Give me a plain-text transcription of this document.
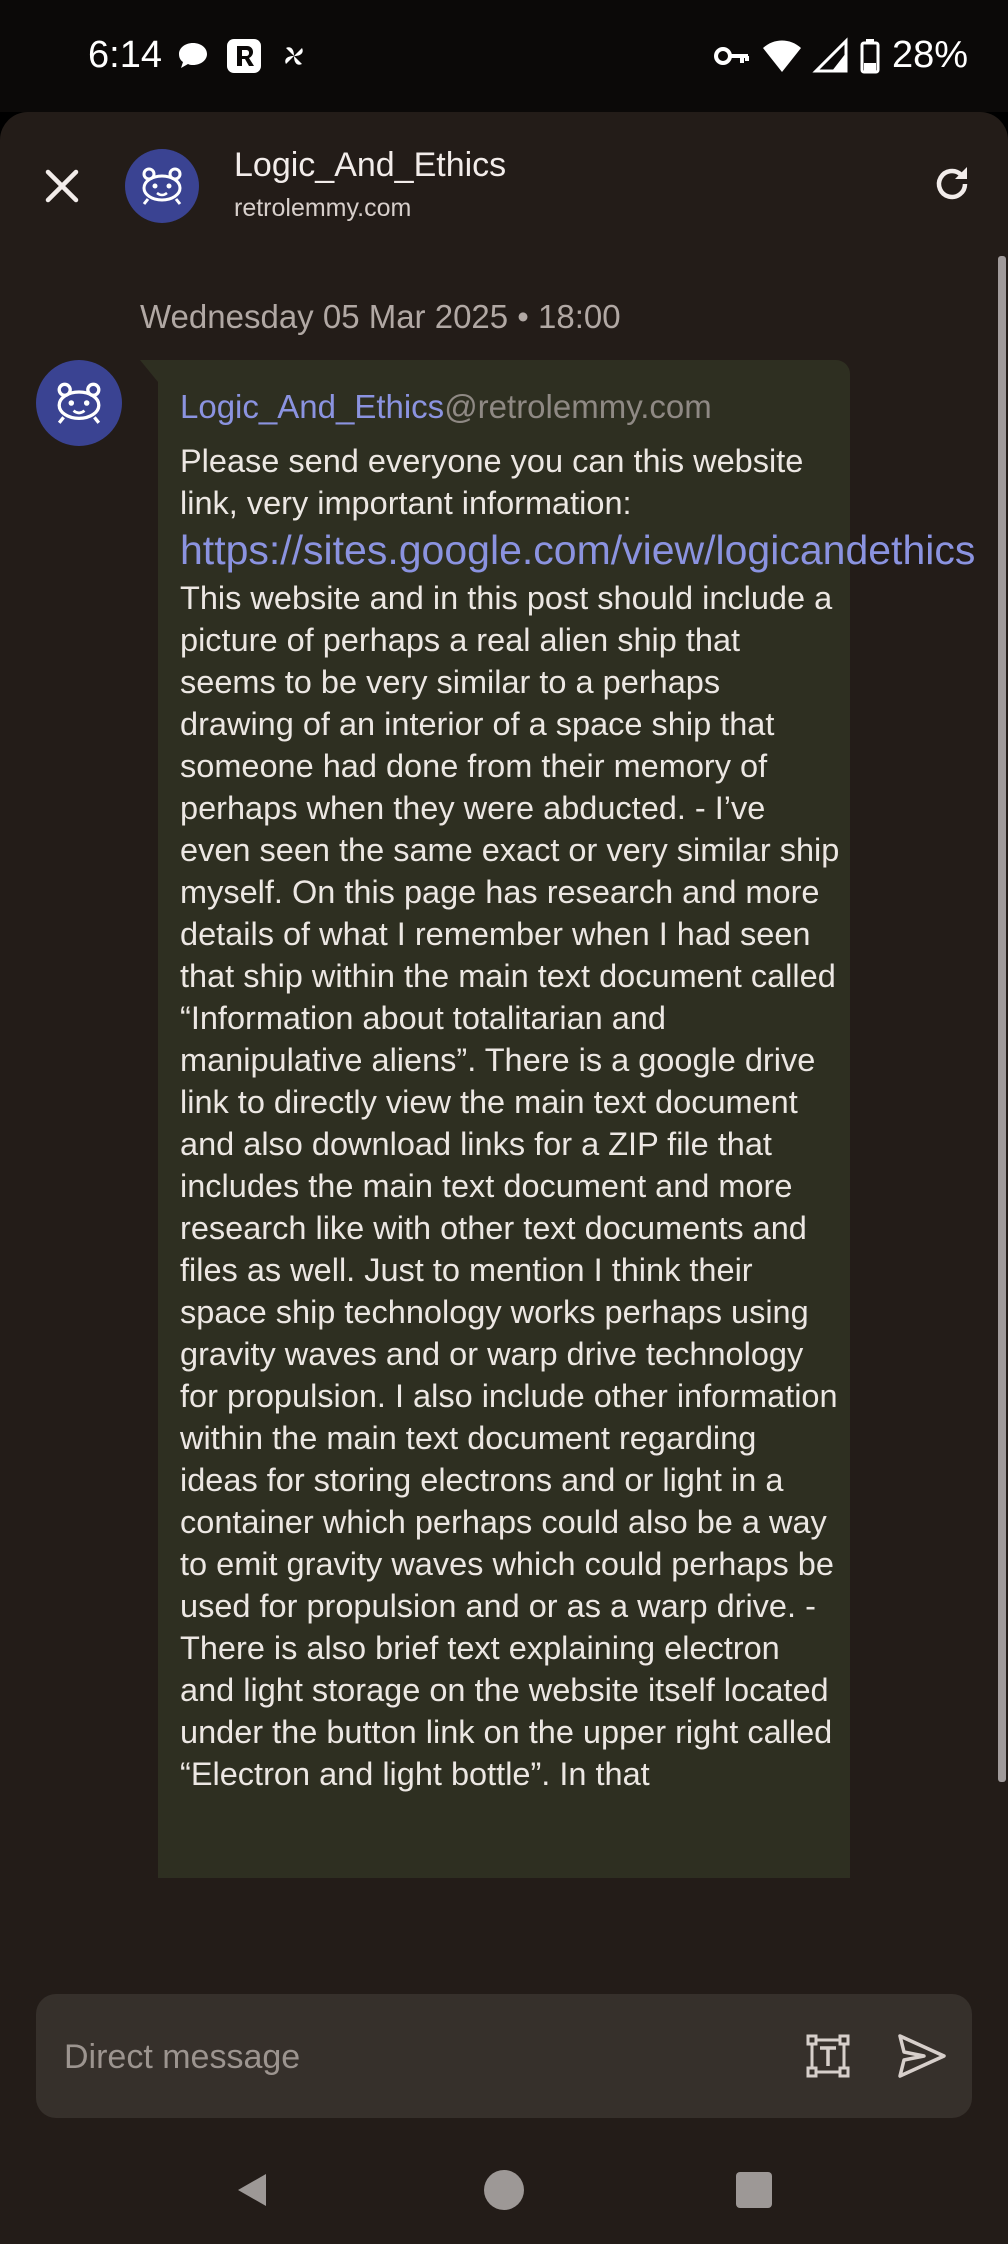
6:14	28%
Logic_And_Ethics
retrolemmy.com
Wednesday 05 Mar 2025 • 18:00
Logic_And_Ethics@retrolemmy.com
Please send everyone you can this website link, very important information: https://sites.google.com/view/logicandethics This website and in this post should include a picture of perhaps a real alien ship that seems to be very similar to a perhaps drawing of an interior of a space ship that someone had done from their memory of perhaps when they were abducted. - I’ve even seen the same exact or very similar ship myself. On this page has research and more details of what I remember when I had seen that ship within the main text document called “Information about totalitarian and manipulative aliens”. There is a google drive link to directly view the main text document and also download links for a ZIP file that includes the main text document and more research like with other text documents and files as well. Just to mention I think their space ship technology works perhaps using gravity waves and or warp drive technology for propulsion. I also include other information within the main text document regarding ideas for storing electrons and or light in a container which perhaps could also be a way to emit gravity waves which could perhaps be used for propulsion and or as a warp drive. - There is also brief text explaining electron and light storage on the website itself located under the button link on the upper right called “Electron and light bottle”. In that
Direct message
